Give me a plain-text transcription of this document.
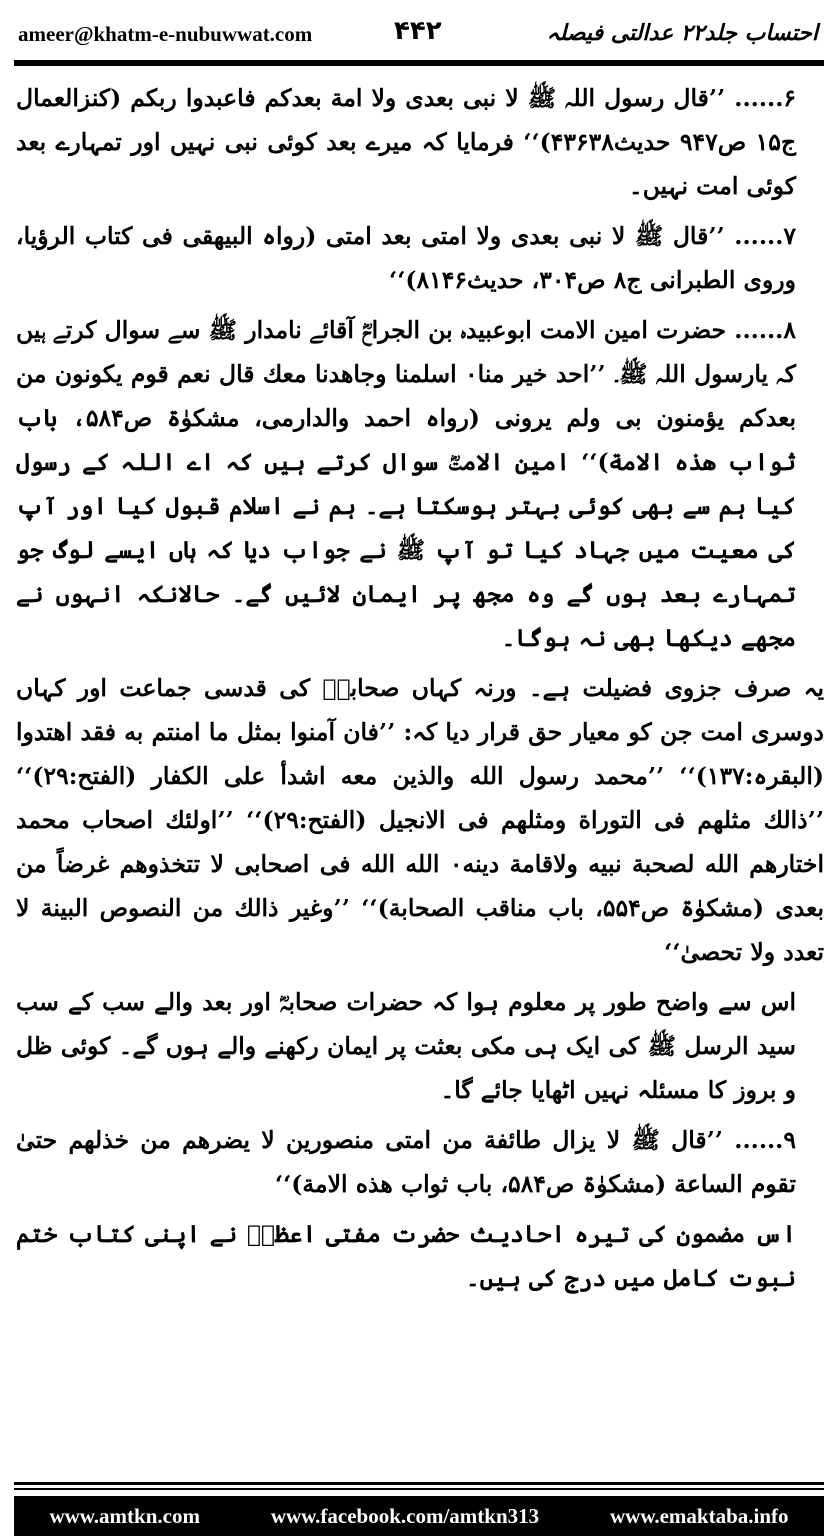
ameer@khatm-e-nubuwwat.com	۴۴۲	احتساب جلد۲۲ عدالتی فیصلہ

۶...... ’’قال رسول اللہ ﷺ لا نبی بعدی ولا امة بعدکم فاعبدوا ربکم (کنزالعمال ج۱۵ ص۹۴۷ حدیث۴۳۶۳۸)‘‘ فرمایا کہ میرے بعد کوئی نبی نہیں اور تمہارے بعد کوئی امت نہیں۔

۷...... ’’قال ﷺ لا نبی بعدی ولا امتی بعد امتی (رواہ البیھقی فی کتاب الرؤیا، وروی الطبرانی ج۸ ص۳۰۴، حدیث۸۱۴۶)‘‘

۸...... حضرت امین الامت ابوعبیدہ بن الجراحؓ آقائے نامدار ﷺ سے سوال کرتے ہیں کہ یارسول اللہ ﷺ۔ ’’احد خیر منا۰ اسلمنا وجاھدنا معك قال نعم قوم یکونون من بعدکم یؤمنون بی ولم یرونی (رواہ احمد والدارمی، مشکوٰۃ ص۵۸۴، باب ثواب ھذہ الامة)‘‘ امین الامتؓ سوال کرتے ہیں کہ اے اللہ کے رسول کیا ہم سے بھی کوئی بہتر ہوسکتا ہے۔ ہم نے اسلام قبول کیا اور آپ کی معیت میں جہاد کیا تو آپ ﷺ نے جواب دیا کہ ہاں ایسے لوگ جو تمہارے بعد ہوں گے وہ مجھ پر ایمان لائیں گے۔ حالانکہ انہوں نے مجھے دیکھا بھی نہ ہوگا۔

یہ صرف جزوی فضیلت ہے۔ ورنہ کہاں صحابہؓ کی قدسی جماعت اور کہاں دوسری امت جن کو معیار حق قرار دیا کہ: ’’فان آمنوا بمثل ما امنتم به فقد اهتدوا (البقرہ:۱۳۷)‘‘ ’’محمد رسول الله والذین معه اشدأ علی الکفار (الفتح:۲۹)‘‘ ’’ذالك مثلهم فی التوراة ومثلهم فی الانجیل (الفتح:۲۹)‘‘ ’’اولئك اصحاب محمد اختارهم الله لصحبة نبیه ولاقامة دینه۰ الله الله فی اصحابی لا تتخذوهم غرضاً من بعدی (مشکوٰۃ ص۵۵۴، باب مناقب الصحابة)‘‘ ’’وغیر ذالك من النصوص البینة لا تعدد ولا تحصیٰ‘‘

اس سے واضح طور پر معلوم ہوا کہ حضرات صحابہؓ اور بعد والے سب کے سب سید الرسل ﷺ کی ایک ہی مکی بعثت پر ایمان رکھنے والے ہوں گے۔ کوئی ظل و بروز کا مسئلہ نہیں اٹھایا جائے گا۔

۹...... ’’قال ﷺ لا یزال طائفة من امتی منصورین لا یضرهم من خذلهم حتیٰ تقوم الساعة (مشکوٰۃ ص۵۸۴، باب ثواب هذه الامة)‘‘

اس مضمون کی تیرہ احادیث حضرت مفتی اعظمؒ نے اپنی کتاب ختم نبوت کامل میں درج کی ہیں۔

www.amtkn.com	www.facebook.com/amtkn313	www.emaktaba.info
